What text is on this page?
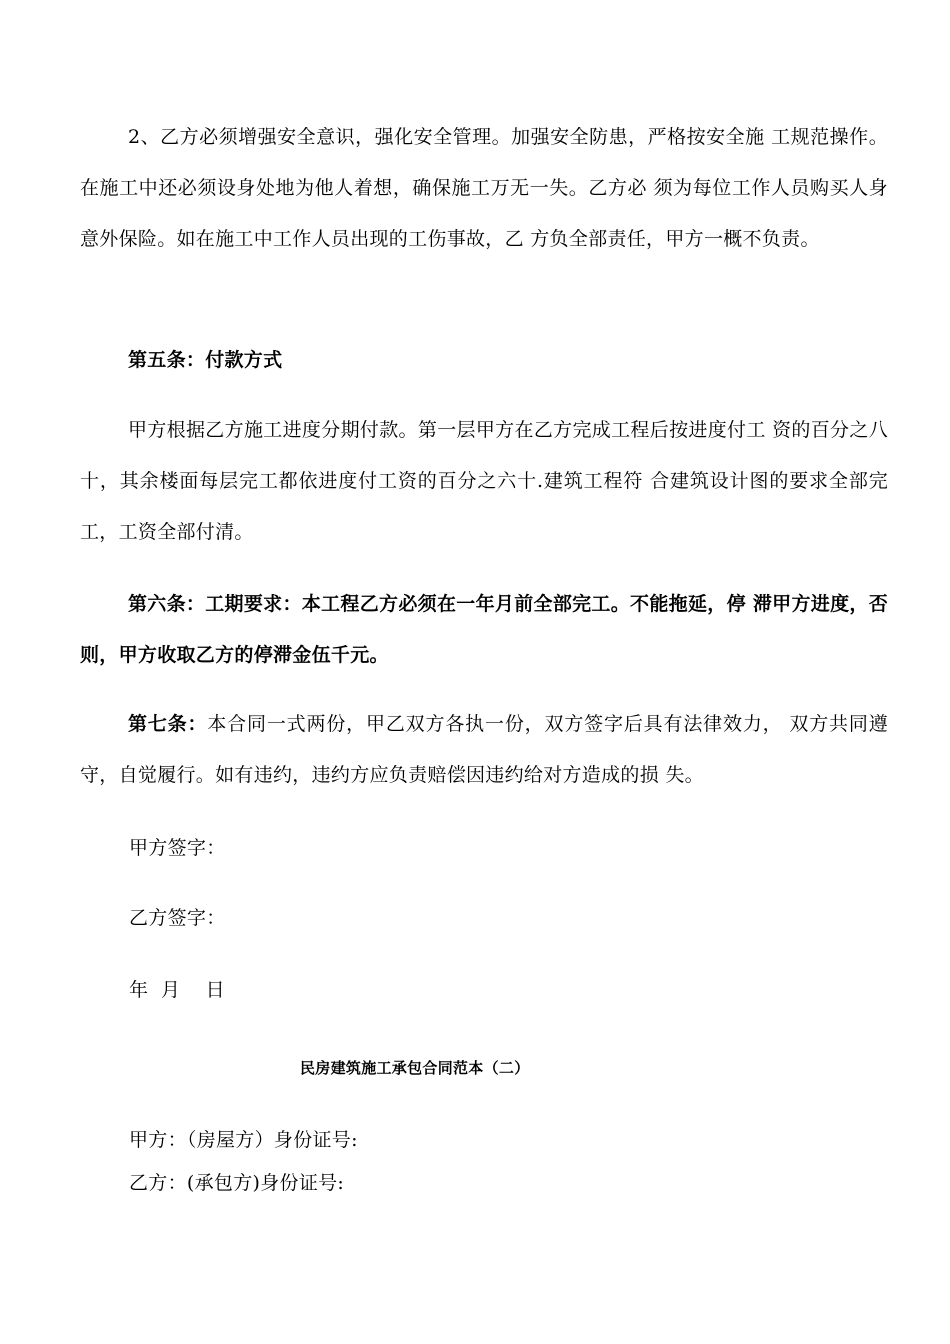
2、乙方必须增强安全意识，强化安全管理。加强安全防患，严格按安全施 工规范操作。在施工中还必须设身处地为他人着想，确保施工万无一失。乙方必 须为每位工作人员购买人身意外保险。如在施工中工作人员出现的工伤事故，乙 方负全部责任，甲方一概不负责。

第五条：付款方式

甲方根据乙方施工进度分期付款。第一层甲方在乙方完成工程后按进度付工 资的百分之八十，其余楼面每层完工都依进度付工资的百分之六十.建筑工程符 合建筑设计图的要求全部完工，工资全部付清。

第六条：工期要求：本工程乙方必须在一年月前全部完工。不能拖延，停 滞甲方进度，否则，甲方收取乙方的停滞金伍千元。

第七条：本合同一式两份，甲乙双方各执一份，双方签字后具有法律效力， 双方共同遵守，自觉履行。如有违约，违约方应负责赔偿因违约给对方造成的损 失。

甲方签字：

乙方签字：

年  月    日

民房建筑施工承包合同范本（二）

甲方：（房屋方）身份证号:

乙方：(承包方)身份证号:
